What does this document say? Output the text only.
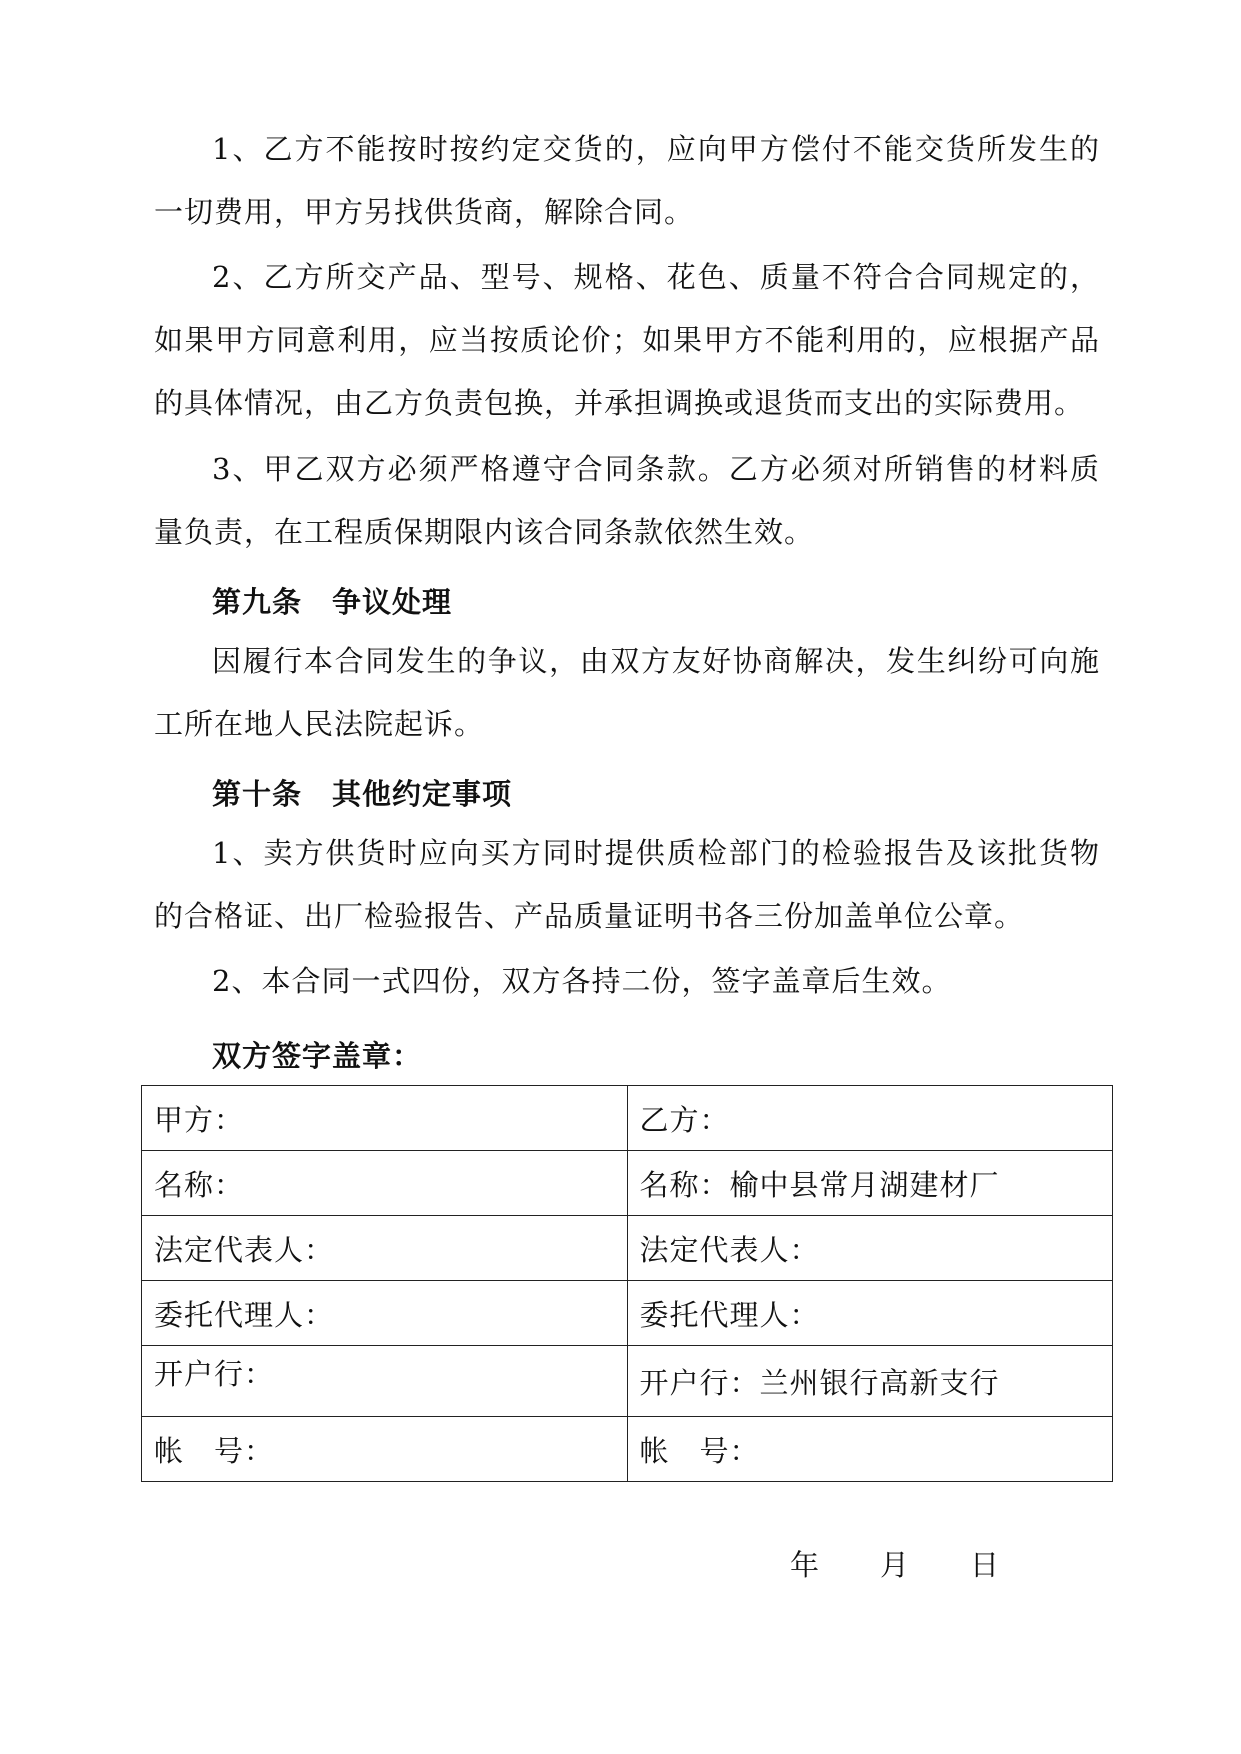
1、乙方不能按时按约定交货的，应向甲方偿付不能交货所发生的一切费用，甲方另找供货商，解除合同。

2、乙方所交产品、型号、规格、花色、质量不符合合同规定的，如果甲方同意利用，应当按质论价；如果甲方不能利用的，应根据产品的具体情况，由乙方负责包换，并承担调换或退货而支出的实际费用。

3、甲乙双方必须严格遵守合同条款。乙方必须对所销售的材料质量负责，在工程质保期限内该合同条款依然生效。

第九条　争议处理

因履行本合同发生的争议，由双方友好协商解决，发生纠纷可向施工所在地人民法院起诉。

第十条　其他约定事项

1、卖方供货时应向买方同时提供质检部门的检验报告及该批货物的合格证、出厂检验报告、产品质量证明书各三份加盖单位公章。

2、本合同一式四份，双方各持二份，签字盖章后生效。

双方签字盖章：
甲方：	乙方：
名称：	名称：榆中县常月湖建材厂
法定代表人：	法定代表人：
委托代理人：	委托代理人：
开户行：	开户行：兰州银行高新支行
帐　号：	帐　号：
年　　月　　日
